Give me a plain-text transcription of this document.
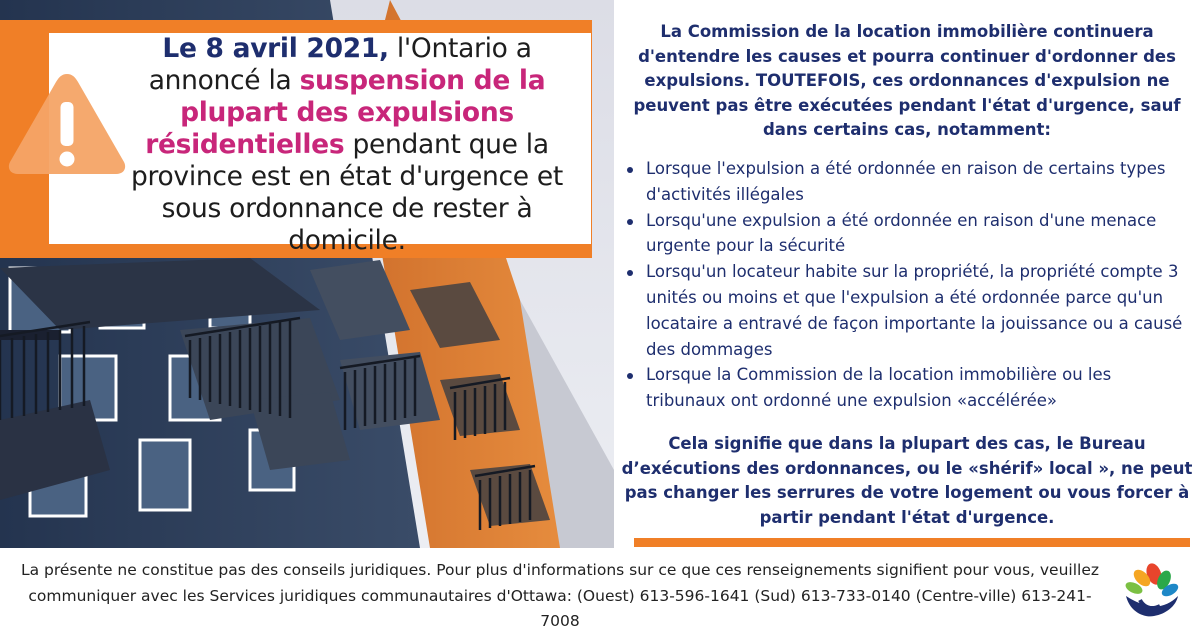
Le 8 avril 2021, l'Ontario a annoncé la suspension de la plupart des expulsions résidentielles pendant que la province est en état d'urgence et sous ordonnance de rester à domicile.

La Commission de la location immobilière continuera d'entendre les causes et pourra continuer d'ordonner des expulsions. TOUTEFOIS, ces ordonnances d'expulsion ne peuvent pas être exécutées pendant l'état d'urgence, sauf dans certains cas, notamment:

Lorsque l'expulsion a été ordonnée en raison de certains types d'activités illégales
Lorsqu'une expulsion a été ordonnée en raison d'une menace urgente pour la sécurité
Lorsqu'un locateur habite sur la propriété, la propriété compte 3 unités ou moins et que l'expulsion a été ordonnée parce qu'un locataire a entravé de façon importante la jouissance ou a causé des dommages
Lorsque la Commission de la location immobilière ou les tribunaux ont ordonné une expulsion «accélérée»

Cela signifie que dans la plupart des cas, le Bureau d’exécutions des ordonnances, ou le «shérif» local », ne peut pas changer les serrures de votre logement ou vous forcer à partir pendant l'état d'urgence.

La présente ne constitue pas des conseils juridiques. Pour plus d'informations sur ce que ces renseignements signifient pour vous, veuillez communiquer avec les Services juridiques communautaires d'Ottawa: (Ouest) 613-596-1641 (Sud) 613-733-0140 (Centre-ville) 613-241-7008
